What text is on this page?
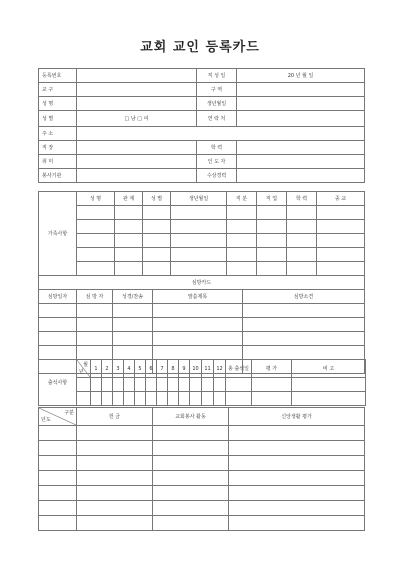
교회 교인 등록카드
등록번호		직 성 일	20 년 월 일
교 구		구 역	
성 명		생년월일	
성 별	□ 남 □ 여	연 락 처	
주 소			
직 장		학 력	
취 미		인 도 자	
봉사기관		수상경력	
가족사항	성 명	관 계	성 별	생년월일	직 분	직 업	학 력	종 교

심방카드				
심방일자	심 방 자	성경/찬송	말씀제목	심방소견

출석사항	월
년	1	2	3	4	5	6	7	8	9	10	11	12	총 출석일	평 가	비 고

구분
년도	헌 금	교회봉사 활동	신앙생활 평가
